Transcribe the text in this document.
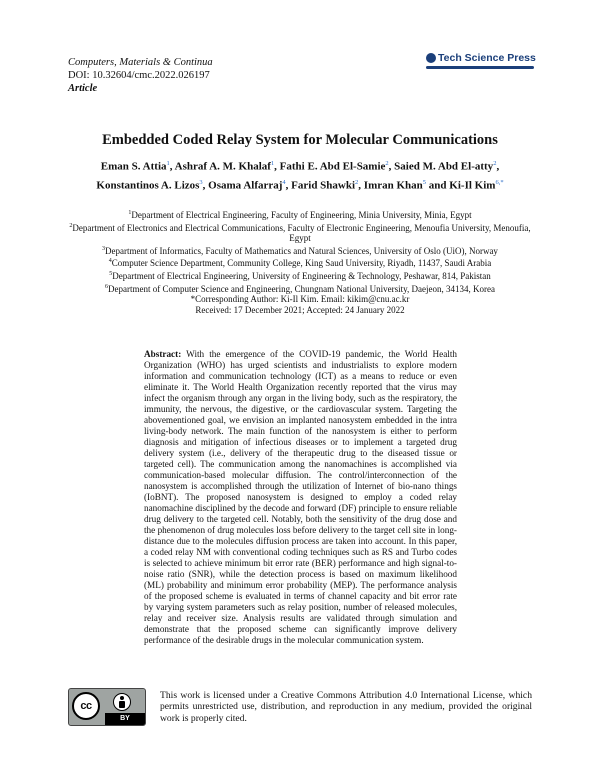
Computers, Materials & Continua
DOI: 10.32604/cmc.2022.026197
Article
Tech Science Press
Embedded Coded Relay System for Molecular Communications
Eman S. Attia$^1$, Ashraf A. M. Khalaf$^1$, Fathi E. Abd El-Samie$^2$, Saied M. Abd El-atty$^2$,
Konstantinos A. Lizos$^3$, Osama Alfarraj$^4$, Farid Shawki$^2$, Imran Khan$^5$ and Ki-Il Kim$^{6,*}$
$^1$Department of Electrical Engineering, Faculty of Engineering, Minia University, Minia, Egypt
$^2$Department of Electronics and Electrical Communications, Faculty of Electronic Engineering, Menoufia University, Menoufia, Egypt
$^3$Department of Informatics, Faculty of Mathematics and Natural Sciences, University of Oslo (UiO), Norway
$^4$Computer Science Department, Community College, King Saud University, Riyadh, 11437, Saudi Arabia
$^5$Department of Electrical Engineering, University of Engineering & Technology, Peshawar, 814, Pakistan
$^6$Department of Computer Science and Engineering, Chungnam National University, Daejeon, 34134, Korea
*Corresponding Author: Ki-Il Kim. Email: kikim@cnu.ac.kr
Received: 17 December 2021; Accepted: 24 January 2022
Abstract: With the emergence of the COVID-19 pandemic, the World Health Organization (WHO) has urged scientists and industrialists to explore modern information and communication technology (ICT) as a means to reduce or even eliminate it. The World Health Organization recently reported that the virus may infect the organism through any organ in the living body, such as the respiratory, the immunity, the nervous, the digestive, or the cardiovascular system. Targeting the abovementioned goal, we envision an implanted nanosystem embedded in the intra living-body network. The main function of the nanosystem is either to perform diagnosis and mitigation of infectious diseases or to implement a targeted drug delivery system (i.e., delivery of the therapeutic drug to the diseased tissue or targeted cell). The communication among the nanomachines is accomplished via communication-based molecular diffusion. The control/interconnection of the nanosystem is accomplished through the utilization of Internet of bio-nano things (IoBNT). The proposed nanosystem is designed to employ a coded relay nanomachine disciplined by the decode and forward (DF) principle to ensure reliable drug delivery to the targeted cell. Notably, both the sensitivity of the drug dose and the phenomenon of drug molecules loss before delivery to the target cell site in long-distance due to the molecules diffusion process are taken into account. In this paper, a coded relay NM with conventional coding techniques such as RS and Turbo codes is selected to achieve minimum bit error rate (BER) performance and high signal-to-noise ratio (SNR), while the detection process is based on maximum likelihood (ML) probability and minimum error probability (MEP). The performance analysis of the proposed scheme is evaluated in terms of channel capacity and bit error rate by varying system parameters such as relay position, number of released molecules, relay and receiver size. Analysis results are validated through simulation and demonstrate that the proposed scheme can significantly improve delivery performance of the desirable drugs in the molecular communication system.
cc
BY
This work is licensed under a Creative Commons Attribution 4.0 International License, which permits unrestricted use, distribution, and reproduction in any medium, provided the original work is properly cited.
